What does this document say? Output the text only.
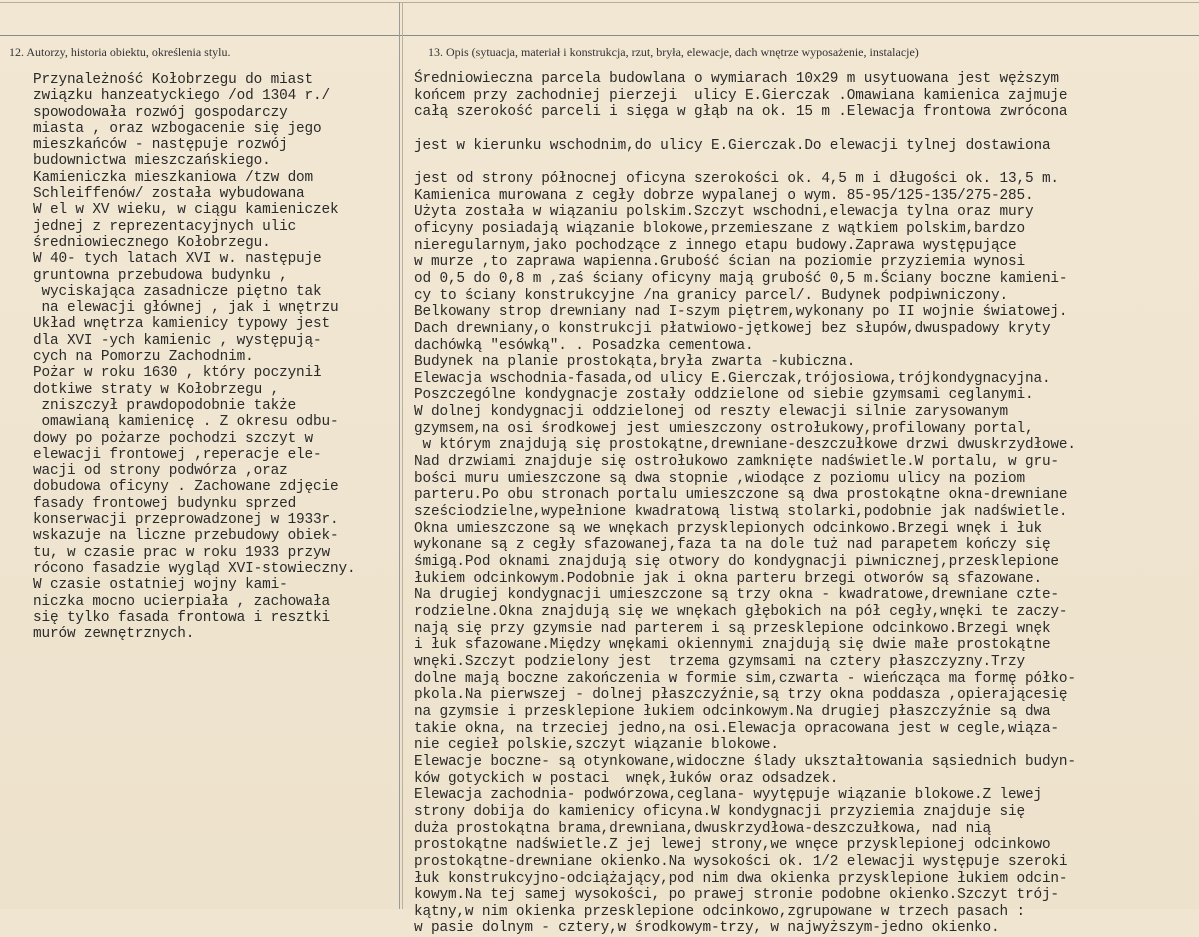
12. Autorzy, historia obiektu, określenia stylu.	13. Opis (sytuacja, materiał i konstrukcja, rzut, bryła, elewacje, dach wnętrze wyposażenie, instalacje)
Przynależność Kołobrzegu do miast
związku hanzeatyckiego /od 1304 r./
spowodowała rozwój gospodarczy
miasta , oraz wzbogacenie się jego
mieszkańców - następuje rozwój
budownictwa mieszczańskiego.
Kamieniczka mieszkaniowa /tzw dom
Schleiffenów/ została wybudowana
W el w XV wieku, w ciągu kamieniczek
jednej z reprezentacyjnych ulic
średniowiecznego Kołobrzegu.
W 40- tych latach XVI w. następuje
gruntowna przebudowa budynku ,
wyciskająca zasadnicze piętno tak
na elewacji głównej , jak i wnętrzu
Układ wnętrza kamienicy typowy jest
dla XVI -ych kamienic , występują-
cych na Pomorzu Zachodnim.
Pożar w roku 1630 , który poczynił
dotkiwe straty w Kołobrzegu ,
zniszczył prawdopodobnie także
omawianą kamienicę . Z okresu odbu-
dowy po pożarze pochodzi szczyt w
elewacji frontowej ,reperacje ele-
wacji od strony podwórza ,oraz
dobudowa oficyny . Zachowane zdjęcie
fasady frontowej budynku sprzed
konserwacji przeprowadzonej w 1933r.
wskazuje na liczne przebudowy obiek-
tu, w czasie prac w roku 1933 przyw
rócono fasadzie wygląd XVI-stowieczny.
W czasie ostatniej wojny kami-
niczka mocno ucierpiała , zachowała
się tylko fasada frontowa i resztki
murów zewnętrznych.
Średniowieczna parcela budowlana o wymiarach 10x29 m usytuowana jest węższym
końcem przy zachodniej pierzeji  ulicy E.Gierczak .Omawiana kamienica zajmuje
całą szerokość parceli i sięga w głąb na ok. 15 m .Elewacja frontowa zwrócona

jest w kierunku wschodnim,do ulicy E.Gierczak.Do elewacji tylnej dostawiona

jest od strony północnej oficyna szerokości ok. 4,5 m i długości ok. 13,5 m.
Kamienica murowana z cegły dobrze wypalanej o wym. 85-95/125-135/275-285.
Użyta została w wiązaniu polskim.Szczyt wschodni,elewacja tylna oraz mury
oficyny posiadają wiązanie blokowe,przemieszane z wątkiem polskim,bardzo
nieregularnym,jako pochodzące z innego etapu budowy.Zaprawa występujące
w murze ,to zaprawa wapienna.Grubość ścian na poziomie przyziemia wynosi
od 0,5 do 0,8 m ,zaś ściany oficyny mają grubość 0,5 m.Ściany boczne kamieni-
cy to ściany konstrukcyjne /na granicy parcel/. Budynek podpiwniczony.
Belkowany strop drewniany nad I-szym piętrem,wykonany po II wojnie światowej.
Dach drewniany,o konstrukcji płatwiowo-jętkowej bez słupów,dwuspadowy kryty
dachówką "esówką". . Posadzka cementowa.
Budynek na planie prostokąta,bryła zwarta -kubiczna.
Elewacja wschodnia-fasada,od ulicy E.Gierczak,trójosiowa,trójkondygnacyjna.
Poszczególne kondygnacje zostały oddzielone od siebie gzymsami ceglanymi.
W dolnej kondygnacji oddzielonej od reszty elewacji silnie zarysowanym
gzymsem,na osi środkowej jest umieszczony ostrołukowy,profilowany portal,
w którym znajdują się prostokątne,drewniane-deszczułkowe drzwi dwuskrzydłowe.
Nad drzwiami znajduje się ostrołukowo zamknięte nadświetle.W portalu, w gru-
bości muru umieszczone są dwa stopnie ,wiodące z poziomu ulicy na poziom
parteru.Po obu stronach portalu umieszczone są dwa prostokątne okna-drewniane
sześciodzielne,wypełnione kwadratową listwą stolarki,podobnie jak nadświetle.
Okna umieszczone są we wnękach przysklepionych odcinkowo.Brzegi wnęk i łuk
wykonane są z cegły sfazowanej,faza ta na dole tuż nad parapetem kończy się
śmigą.Pod oknami znajdują się otwory do kondygnacji piwnicznej,przesklepione
łukiem odcinkowym.Podobnie jak i okna parteru brzegi otworów są sfazowane.
Na drugiej kondygnacji umieszczone są trzy okna - kwadratowe,drewniane czte-
rodzielne.Okna znajdują się we wnękach głębokich na pół cegły,wnęki te zaczy-
nają się przy gzymsie nad parterem i są przesklepione odcinkowo.Brzegi wnęk
i łuk sfazowane.Między wnękami okiennymi znajdują się dwie małe prostokątne
wnęki.Szczyt podzielony jest  trzema gzymsami na cztery płaszczyzny.Trzy
dolne mają boczne zakończenia w formie sim,czwarta - wieńcząca ma formę półko-
pkola.Na pierwszej - dolnej płaszczyźnie,są trzy okna poddasza ,opierającesię
na gzymsie i przesklepione łukiem odcinkowym.Na drugiej płaszczyźnie są dwa
takie okna, na trzeciej jedno,na osi.Elewacja opracowana jest w cegle,wiąza-
nie cegieł polskie,szczyt wiązanie blokowe.
Elewacje boczne- są otynkowane,widoczne ślady ukształtowania sąsiednich budyn-
ków gotyckich w postaci  wnęk,łuków oraz odsadzek.
Elewacja zachodnia- podwórzowa,ceglana- wyytępuje wiązanie blokowe.Z lewej
strony dobija do kamienicy oficyna.W kondygnacji przyziemia znajduje się
duża prostokątna brama,drewniana,dwuskrzydłowa-deszczułkowa, nad nią
prostokątne nadświetle.Z jej lewej strony,we wnęce przysklepionej odcinkowo
prostokątne-drewniane okienko.Na wysokości ok. 1/2 elewacji występuje szeroki
łuk konstrukcyjno-odciążający,pod nim dwa okienka przysklepione łukiem odcin-
kowym.Na tej samej wysokości, po prawej stronie podobne okienko.Szczyt trój-
kątny,w nim okienka przesklepione odcinkowo,zgrupowane w trzech pasach :
w pasie dolnym - cztery,w środkowym-trzy, w najwyższym-jedno okienko.
